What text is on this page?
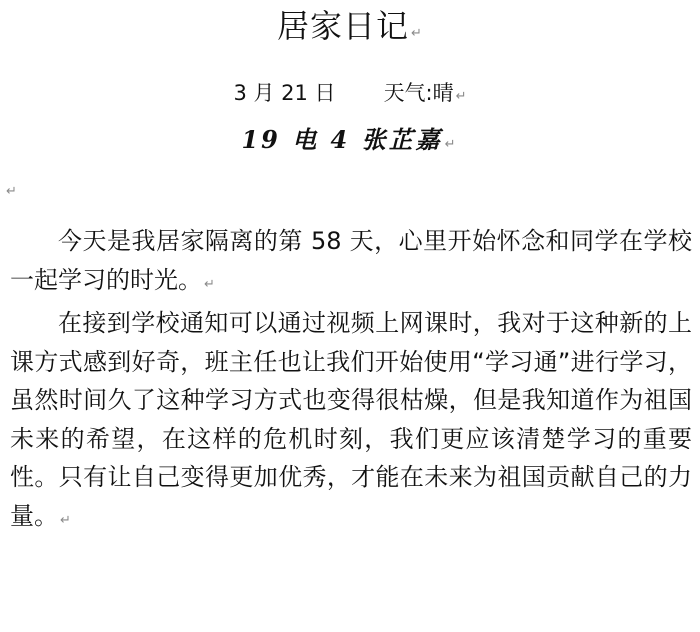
居家日记 ↵
3 月 21 日 天气:晴 ↵
19 电 4 张芷嘉 ↵
↵

今天是我居家隔离的第 58 天，心里开始怀念和同学在学校一起学习的时光。 ↵

在接到学校通知可以通过视频上网课时，我对于这种新的上课方式感到好奇，班主任也让我们开始使用“学习通”进行学习，虽然时间久了这种学习方式也变得很枯燥，但是我知道作为祖国未来的希望，在这样的危机时刻，我们更应该清楚学习的重要性。只有让自己变得更加优秀，才能在未来为祖国贡献自己的力量。 ↵
